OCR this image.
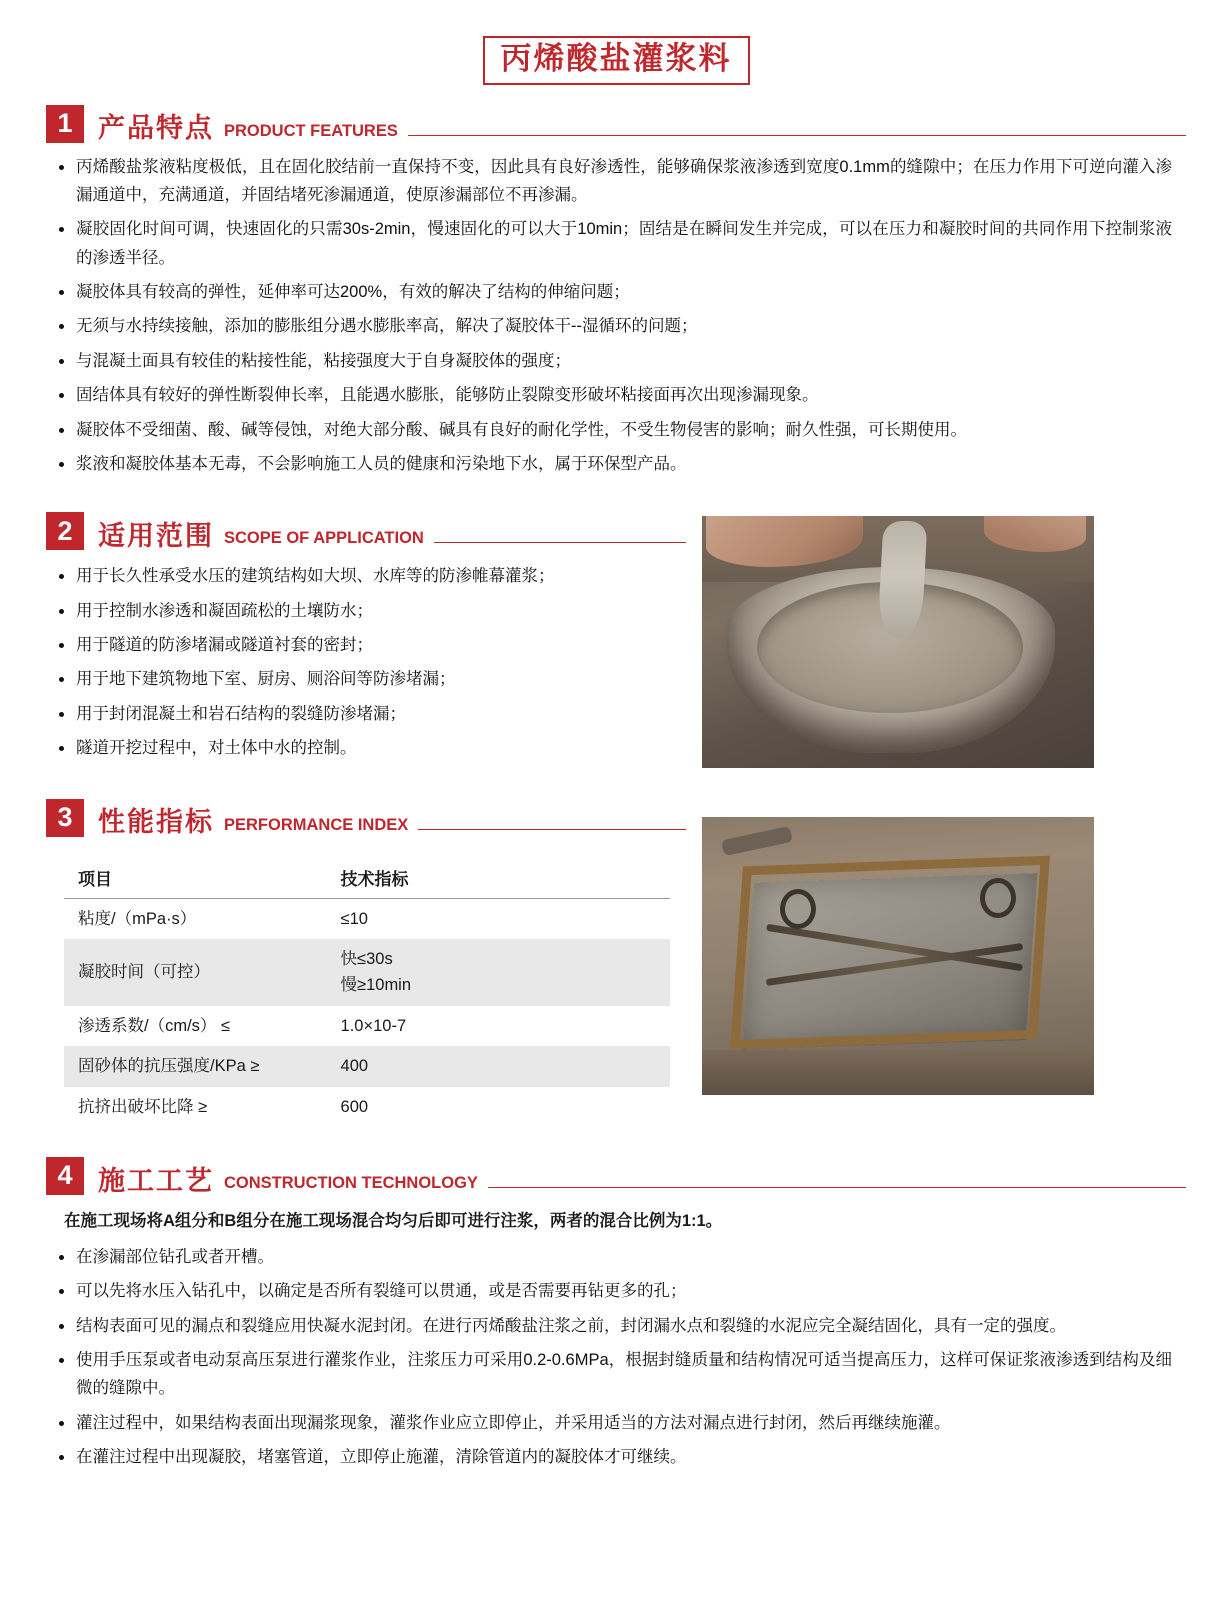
丙烯酸盐灌浆料
1 产品特点 PRODUCT FEATURES
丙烯酸盐浆液粘度极低，且在固化胶结前一直保持不变，因此具有良好渗透性，能够确保浆液渗透到宽度0.1mm的缝隙中；在压力作用下可逆向灌入渗漏通道中，充满通道，并固结堵死渗漏通道，使原渗漏部位不再渗漏。
凝胶固化时间可调，快速固化的只需30s-2min，慢速固化的可以大于10min；固结是在瞬间发生并完成，可以在压力和凝胶时间的共同作用下控制浆液的渗透半径。
凝胶体具有较高的弹性，延伸率可达200%，有效的解决了结构的伸缩问题；
无须与水持续接触，添加的膨胀组分遇水膨胀率高，解决了凝胶体干--湿循环的问题；
与混凝土面具有较佳的粘接性能，粘接强度大于自身凝胶体的强度；
固结体具有较好的弹性断裂伸长率，且能遇水膨胀，能够防止裂隙变形破坏粘接面再次出现渗漏现象。
凝胶体不受细菌、酸、碱等侵蚀，对绝大部分酸、碱具有良好的耐化学性，不受生物侵害的影响；耐久性强，可长期使用。
浆液和凝胶体基本无毒，不会影响施工人员的健康和污染地下水，属于环保型产品。
2 适用范围 SCOPE OF APPLICATION
用于长久性承受水压的建筑结构如大坝、水库等的防渗帷幕灌浆；
用于控制水渗透和凝固疏松的土壤防水；
用于隧道的防渗堵漏或隧道衬套的密封；
用于地下建筑物地下室、厨房、厕浴间等防渗堵漏；
用于封闭混凝土和岩石结构的裂缝防渗堵漏；
隧道开挖过程中，对土体中水的控制。
3 性能指标 PERFORMANCE INDEX
项目	技术指标
粘度/（mPa·s）	≤10
凝胶时间（可控）	快≤30s
慢≥10min

渗透系数/（cm/s） ≤	1.0×10-7
固砂体的抗压强度/KPa ≥	400
抗挤出破坏比降 ≥	600
4 施工工艺 CONSTRUCTION TECHNOLOGY
在施工现场将A组分和B组分在施工现场混合均匀后即可进行注浆，两者的混合比例为1:1。
在渗漏部位钻孔或者开槽。
可以先将水压入钻孔中，以确定是否所有裂缝可以贯通，或是否需要再钻更多的孔；
结构表面可见的漏点和裂缝应用快凝水泥封闭。在进行丙烯酸盐注浆之前，封闭漏水点和裂缝的水泥应完全凝结固化，具有一定的强度。
使用手压泵或者电动泵高压泵进行灌浆作业，注浆压力可采用0.2-0.6MPa，根据封缝质量和结构情况可适当提高压力，这样可保证浆液渗透到结构及细微的缝隙中。
灌注过程中，如果结构表面出现漏浆现象，灌浆作业应立即停止，并采用适当的方法对漏点进行封闭，然后再继续施灌。
在灌注过程中出现凝胶，堵塞管道，立即停止施灌，清除管道内的凝胶体才可继续。
